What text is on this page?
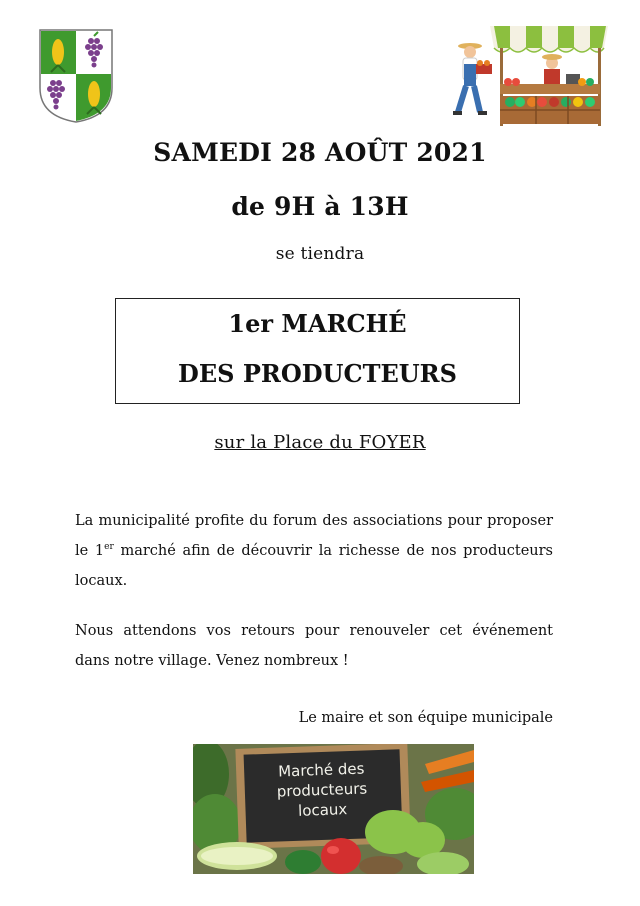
SAMEDI 28 AOÛT 2021
de 9H à 13H
se tiendra
1er MARCHÉ
DES PRODUCTEURS
sur la Place du FOYER
La municipalité profite du forum des associations pour proposer le 1er marché afin de découvrir la richesse de nos producteurs locaux.
Nous attendons vos retours pour renouveler cet événement dans notre village. Venez nombreux !
Le maire et son équipe municipale
Marché des
producteurs
locaux
